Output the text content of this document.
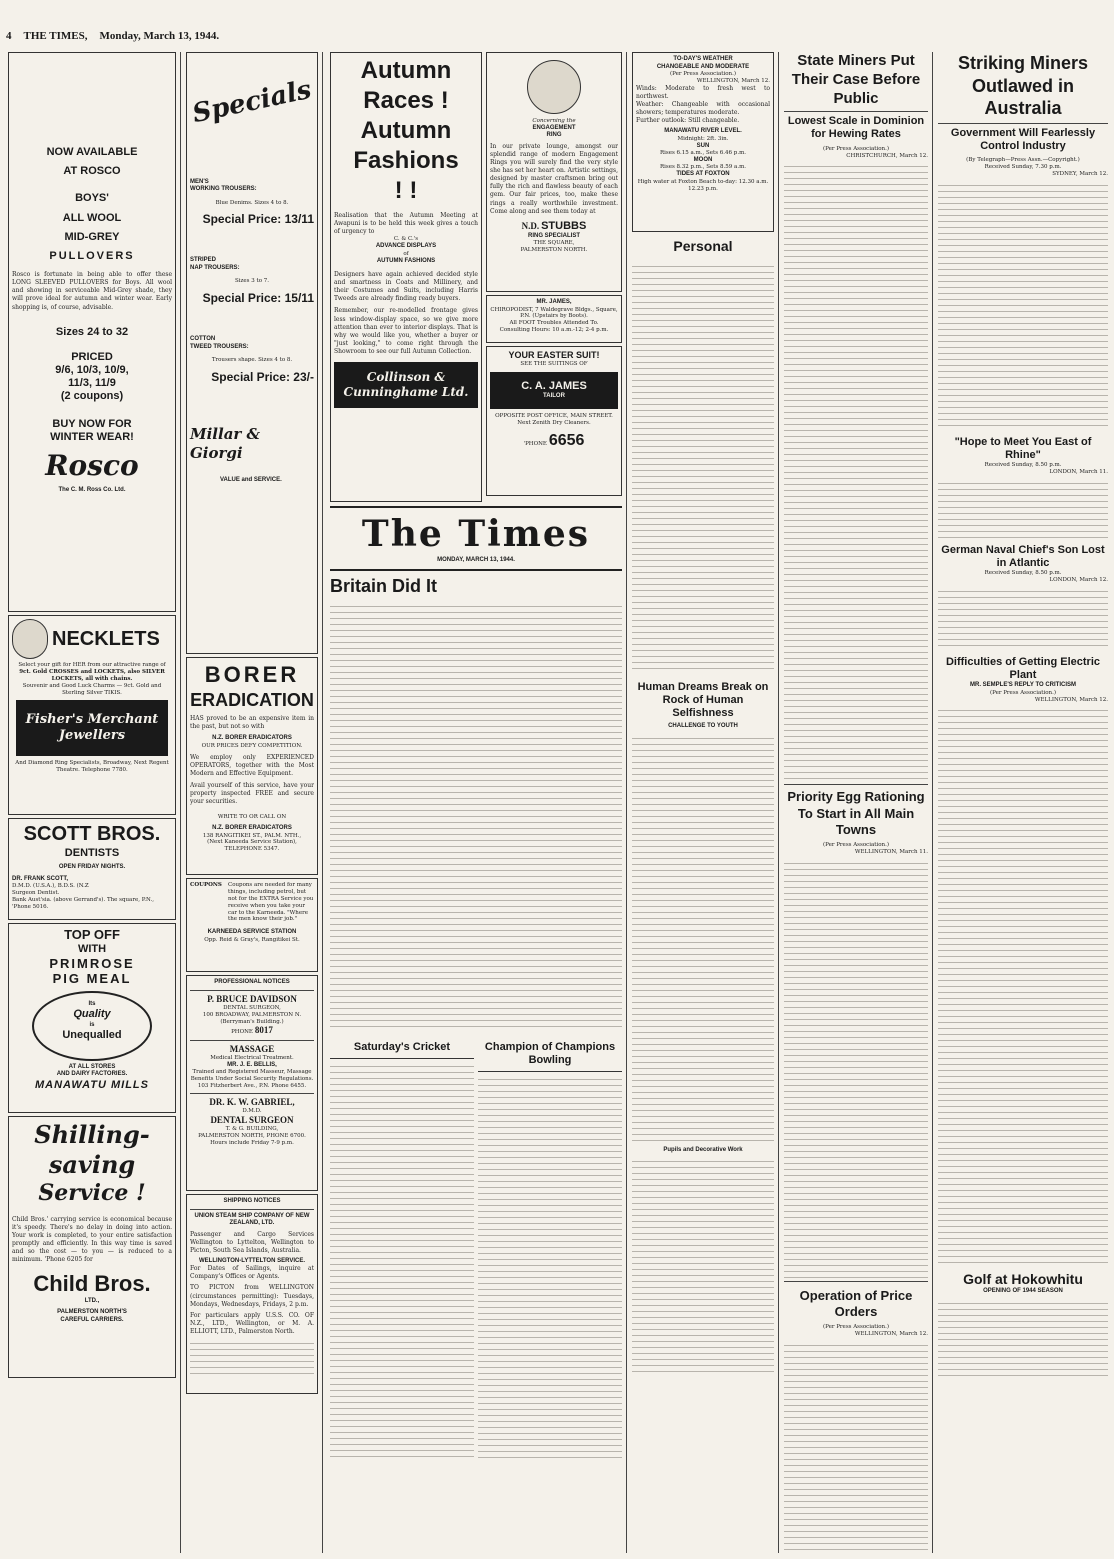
4 THE TIMES, Monday, March 13, 1944.
NOW AVAILABLE
AT ROSCO
BOYS'
ALL WOOL
MID-GREY
PULLOVERS
Rosco is fortunate in being able to offer these LONG SLEEVED PULLOVERS for Boys. All wool and showing in serviceable Mid-Grey shade, they will prove ideal for autumn and winter wear. Early shopping is, of course, advisable.
Sizes 24 to 32
PRICED
9/6, 10/3, 10/9,
11/3, 11/9
(2 coupons)
BUY NOW FOR
WINTER WEAR!
Rosco
The C. M. Ross Co. Ltd.
NECKLETS
Select your gift for HER from our attractive range of
9ct. Gold CROSSES and LOCKETS, also SILVER LOCKETS, all with chains.
Souvenir and Good Luck Charms — 9ct. Gold and Sterling Silver TIKIS.
Fisher's Merchant Jewellers
And Diamond Ring Specialists, Broadway, Next Regent Theatre. Telephone 7780.
SCOTT BROS.
DENTISTS
OPEN FRIDAY NIGHTS.
DR. FRANK SCOTT,
D.M.D. (U.S.A.), B.D.S. (N.Z
Surgeon Dentist.
Bank Aust'sia. (above Gerrand's). The square, P.N., 'Phone 5016.
TOP OFF
WITH
PRIMROSE
PIG MEAL
Its
Quality
is
Unequalled
AT ALL STORES
AND DAIRY FACTORIES.
MANAWATU MILLS
Shilling-
saving
Service !
Child Bros.' carrying service is economical because it's speedy. There's no delay in doing into action. Your work is completed, to your entire satisfaction promptly and efficiently. In this way time is saved and so the cost — to you — is reduced to a minimum. 'Phone 6205 for
Child Bros.
LTD.,
PALMERSTON NORTH'S
CAREFUL CARRIERS.
Specials
MEN'S
WORKING TROUSERS:
Blue Denims. Sizes 4 to 8.
Special Price: 13/11
STRIPED
NAP TROUSERS:
Sizes 3 to 7.
Special Price: 15/11
COTTON
TWEED TROUSERS:
Trousers shape. Sizes 4 to 8.
Special Price: 23/-
Millar & Giorgi
VALUE and SERVICE.
BORER
ERADICATION
HAS proved to be an expensive item in the past, but not so with
N.Z. BORER ERADICATORS
OUR PRICES DEFY COMPETITION.
We employ only EXPERIENCED OPERATORS, together with the Most Modern and Effective Equipment.
Avail yourself of this service, have your property inspected FREE and secure your securities.
WRITE TO OR CALL ON
N.Z. BORER ERADICATORS
138 RANGITIKEI ST., PALM. NTH.,
(Next Kaneeda Service Station),
TELEPHONE 5347.
COUPONS	Coupons are needed for many things, including petrol, but not for the EXTRA Service you receive when you take your car to the Karneeda. "Where the men know their job."
KARNEEDA SERVICE STATION
Opp. Reid & Gray's, Rangitikei St.
PROFESSIONAL NOTICES
P. BRUCE DAVIDSON
DENTAL SURGEON,
100 BROADWAY, PALMERSTON N.
(Berryman's Building.)
PHONE 8017
MASSAGE
Medical Electrical Treatment.
MR. J. E. BELLIS,
Trained and Registered Masseur, Massage Benefits Under Social Security Regulations.
103 Fitzherbert Ave., P.N. Phone 6455.
DR. K. W. GABRIEL,
D.M.D.
DENTAL SURGEON
T. & G. BUILDING,
PALMERSTON NORTH, PHONE 6700.
Hours include Friday 7-9 p.m.
SHIPPING NOTICES
UNION STEAM SHIP COMPANY OF NEW ZEALAND, LTD.
Passenger and Cargo Services Wellington to Lyttelton, Wellington to Picton, South Sea Islands, Australia.
WELLINGTON-LYTTELTON SERVICE.
For Dates of Sailings, inquire at Company's Offices or Agents.
TO PICTON from WELLINGTON (circumstances permitting): Tuesdays, Mondays, Wednesdays, Fridays, 2 p.m.
For particulars apply U.S.S. CO. OF N.Z., LTD., Wellington, or M. A. ELLIOTT, LTD., Palmerston North.
Autumn
Races !
Autumn
Fashions
! !
Realisation that the Autumn Meeting at Awapuni is to be held this week gives a touch of urgency to
C. & C.'s
ADVANCE DISPLAYS
of
AUTUMN FASHIONS
Designers have again achieved decided style and smartness in Coats and Millinery, and their Costumes and Suits, including Harris Tweeds are already finding ready buyers.
Remember, our re-modelled frontage gives less window-display space, so we give more attention than ever to interior displays. That is why we would like you, whether a buyer or "just looking," to come right through the Showroom to see our full Autumn Collection.
Collinson & Cunninghame Ltd.
Concerning the
ENGAGEMENT
RING
In our private lounge, amongst our splendid range of modern Engagement Rings you will surely find the very style she has set her heart on. Artistic settings, designed by master craftsmen bring out fully the rich and flawless beauty of each gem. Our fair prices, too, make these rings a really worthwhile investment. Come along and see them today at
N.D. STUBBS
RING SPECIALIST
THE SQUARE,
PALMERSTON NORTH.
MR. JAMES,
CHIROPODIST, 7 Waldegrave Bldgs., Square, P.N. (Upstairs by Boots).
All FOOT Troubles Attended To.
Consulting Hours: 10 a.m.-12; 2-4 p.m.
YOUR EASTER SUIT!
SEE THE SUITINGS OF
C. A. JAMES
TAILOR
OPPOSITE POST OFFICE, MAIN STREET.
Next Zenith Dry Cleaners.
'PHONE 6656
The Times
MONDAY, MARCH 13, 1944.
Britain Did It
Saturday's Cricket	Champion of Champions Bowling
TO-DAY'S WEATHER
CHANGEABLE AND MODERATE
(Per Press Association.)
WELLINGTON, March 12.
Winds: Moderate to fresh west to northwest.
Weather: Changeable with occasional showers; temperatures moderate.
Further outlook: Still changeable.
MANAWATU RIVER LEVEL.
Midnight: 2ft. 3in.
SUN
Rises 6.15 a.m., Sets 6.46 p.m.
MOON
Rises 8.32 p.m., Sets 8.59 a.m.
TIDES AT FOXTON
High water at Foxton Beach to-day: 12.30 a.m. 12.23 p.m.
Personal
Human Dreams Break on Rock of Human Selfishness
CHALLENGE TO YOUTH
Pupils and Decorative Work
State Miners Put Their Case Before Public
Lowest Scale in Dominion for Hewing Rates
(Per Press Association.)
CHRISTCHURCH, March 12.
Priority Egg Rationing To Start in All Main Towns
(Per Press Association.)
WELLINGTON, March 11.
Operation of Price Orders
(Per Press Association.)
WELLINGTON, March 12.
Striking Miners Outlawed in Australia
Government Will Fearlessly Control Industry
(By Telegraph—Press Assn.—Copyright.)
Received Sunday, 7.30 p.m.
SYDNEY, March 12.
"Hope to Meet You East of Rhine"
Received Sunday, 8.50 p.m.
LONDON, March 11.
German Naval Chief's Son Lost in Atlantic
Received Sunday, 8.50 p.m.
LONDON, March 12.
Difficulties of Getting Electric Plant
MR. SEMPLE'S REPLY TO CRITICISM
(Per Press Association.)
WELLINGTON, March 12.
Golf at Hokowhitu
OPENING OF 1944 SEASON
